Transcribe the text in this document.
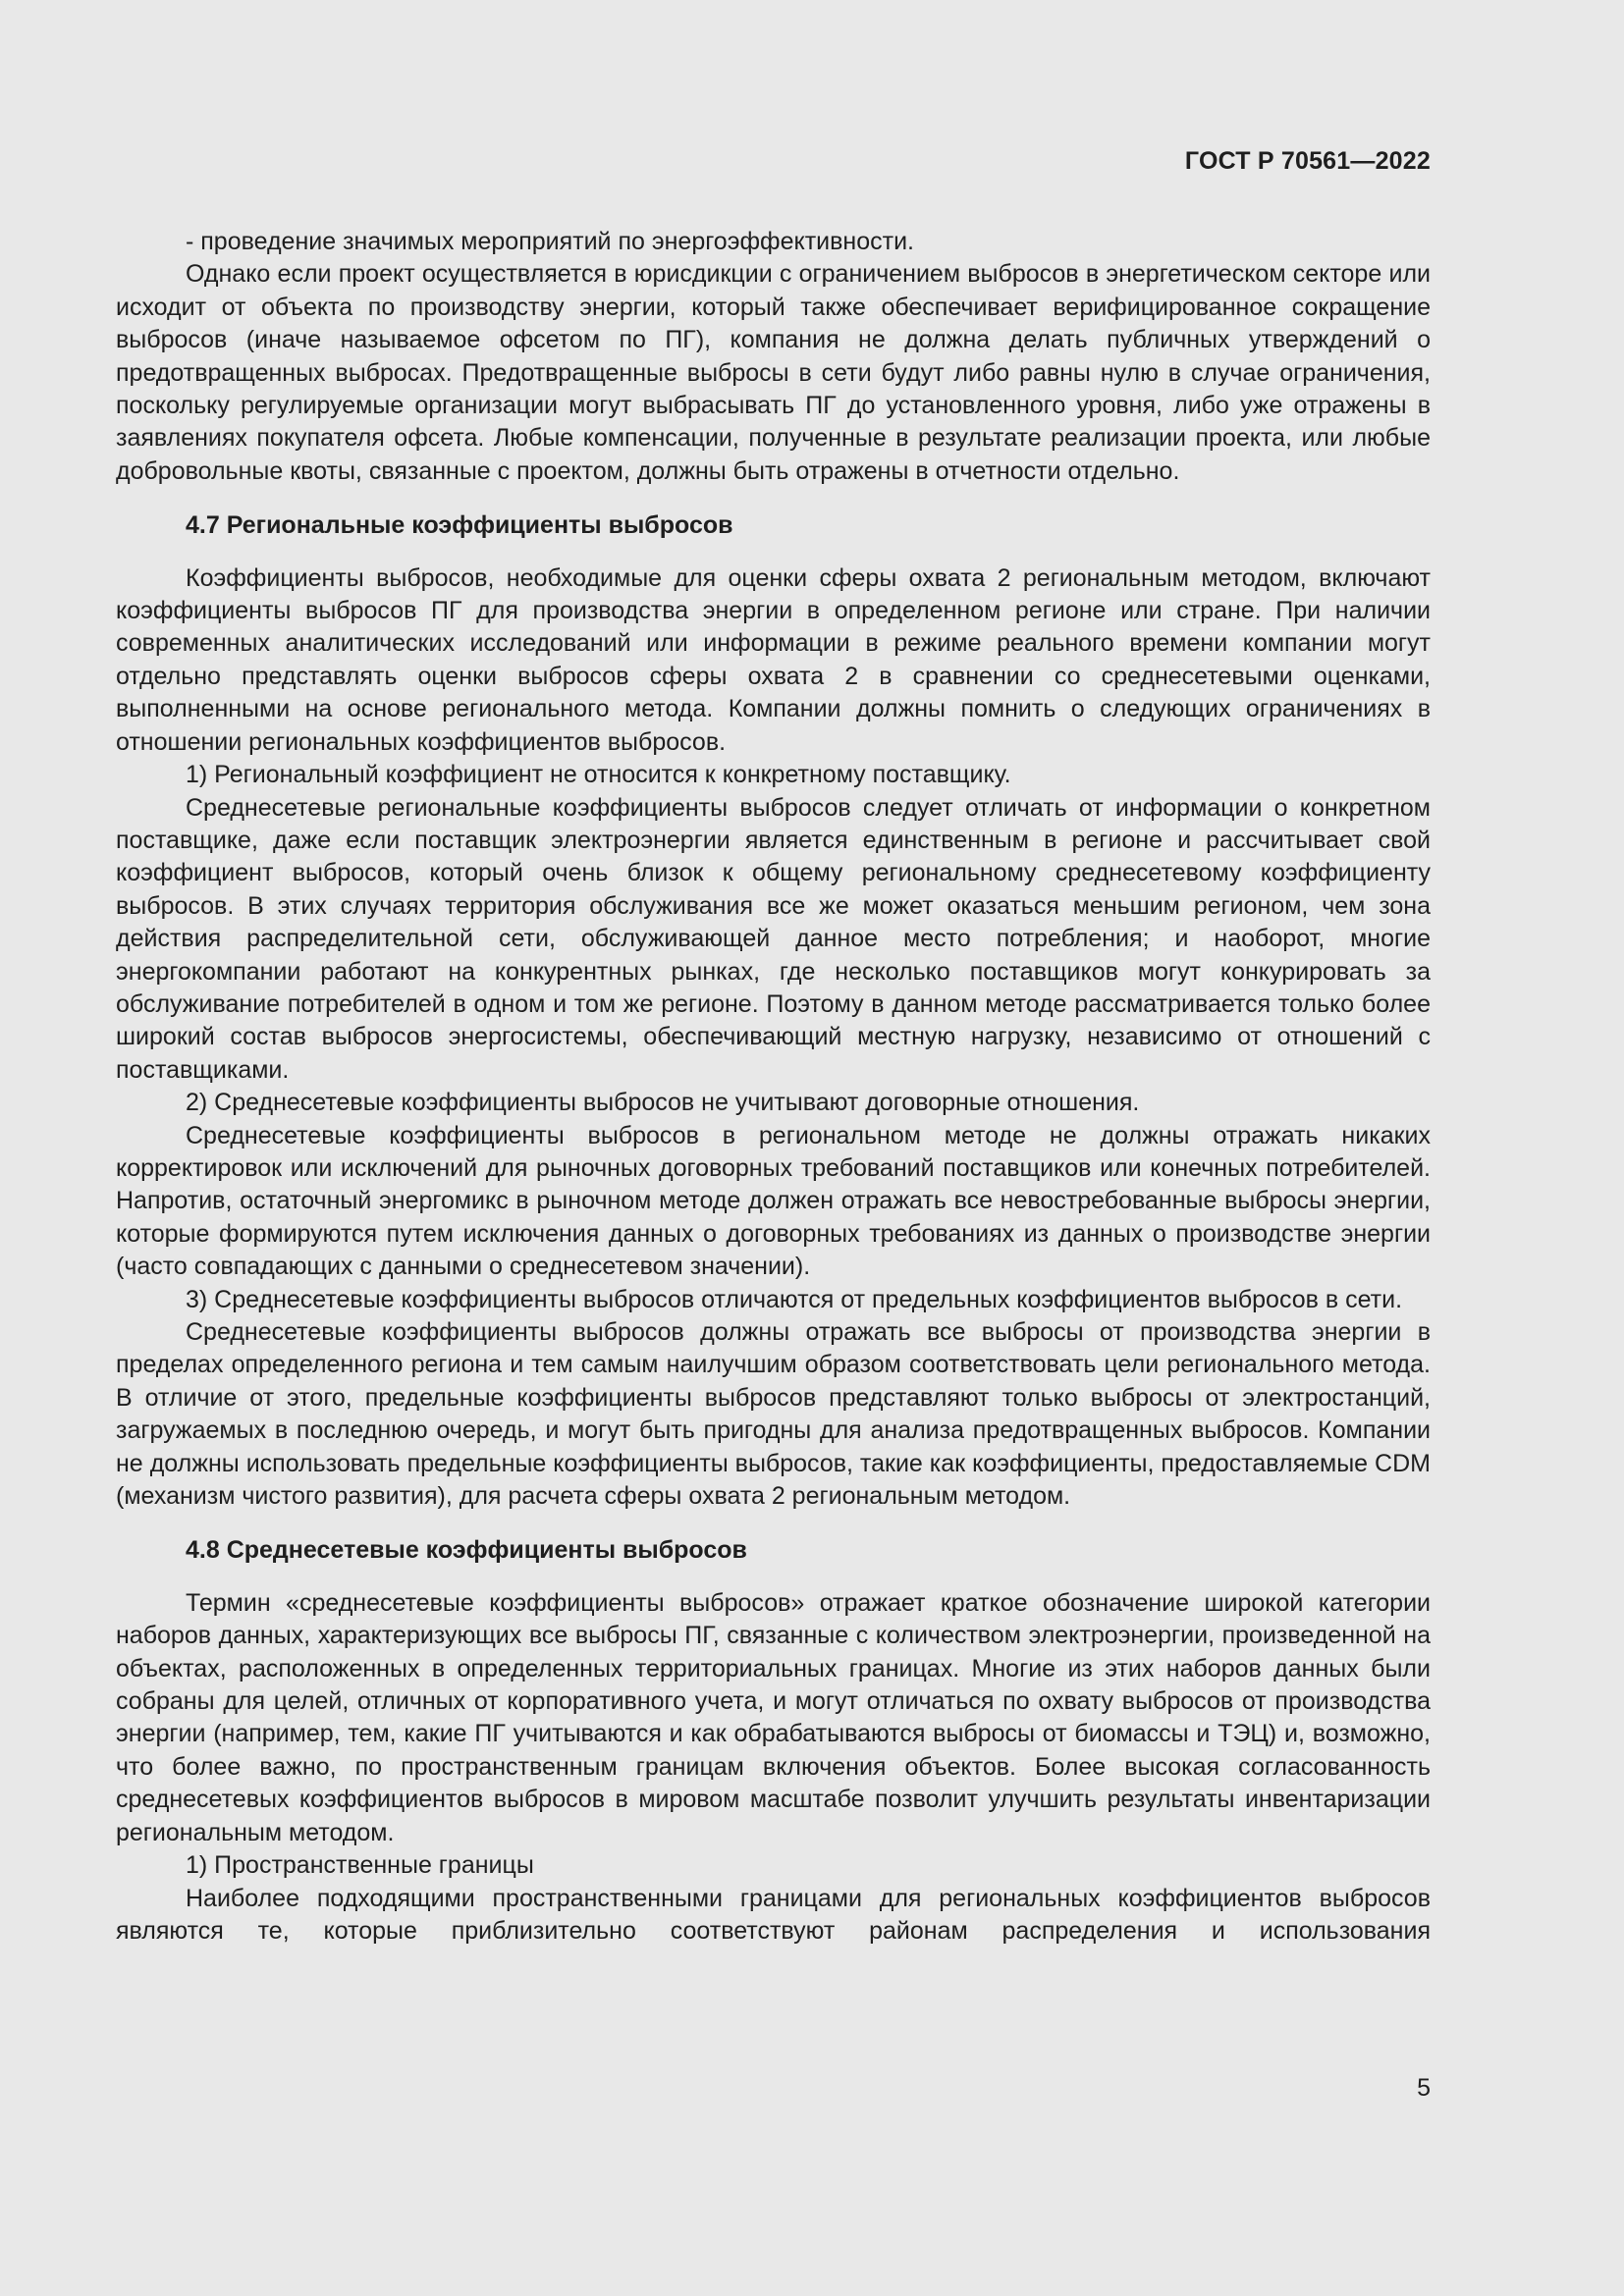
ГОСТ Р 70561—2022

- проведение значимых мероприятий по энергоэффективности.

Однако если проект осуществляется в юрисдикции с ограничением выбросов в энергетическом секторе или исходит от объекта по производству энергии, который также обеспечивает верифицированное сокращение выбросов (иначе называемое офсетом по ПГ), компания не должна делать публичных утверждений о предотвращенных выбросах. Предотвращенные выбросы в сети будут либо равны нулю в случае ограничения, поскольку регулируемые организации могут выбрасывать ПГ до установленного уровня, либо уже отражены в заявлениях покупателя офсета. Любые компенсации, полученные в результате реализации проекта, или любые добровольные квоты, связанные с проектом, должны быть отражены в отчетности отдельно.

4.7 Региональные коэффициенты выбросов

Коэффициенты выбросов, необходимые для оценки сферы охвата 2 региональным методом, включают коэффициенты выбросов ПГ для производства энергии в определенном регионе или стране. При наличии современных аналитических исследований или информации в режиме реального времени компании могут отдельно представлять оценки выбросов сферы охвата 2 в сравнении со среднесетевыми оценками, выполненными на основе регионального метода. Компании должны помнить о следующих ограничениях в отношении региональных коэффициентов выбросов.

1) Региональный коэффициент не относится к конкретному поставщику.

Среднесетевые региональные коэффициенты выбросов следует отличать от информации о конкретном поставщике, даже если поставщик электроэнергии является единственным в регионе и рассчитывает свой коэффициент выбросов, который очень близок к общему региональному среднесетевому коэффициенту выбросов. В этих случаях территория обслуживания все же может оказаться меньшим регионом, чем зона действия распределительной сети, обслуживающей данное место потребления; и наоборот, многие энергокомпании работают на конкурентных рынках, где несколько поставщиков могут конкурировать за обслуживание потребителей в одном и том же регионе. Поэтому в данном методе рассматривается только более широкий состав выбросов энергосистемы, обеспечивающий местную нагрузку, независимо от отношений с поставщиками.

2) Среднесетевые коэффициенты выбросов не учитывают договорные отношения.

Среднесетевые коэффициенты выбросов в региональном методе не должны отражать никаких корректировок или исключений для рыночных договорных требований поставщиков или конечных потребителей. Напротив, остаточный энергомикс в рыночном методе должен отражать все невостребованные выбросы энергии, которые формируются путем исключения данных о договорных требованиях из данных о производстве энергии (часто совпадающих с данными о среднесетевом значении).

3) Среднесетевые коэффициенты выбросов отличаются от предельных коэффициентов выбросов в сети.

Среднесетевые коэффициенты выбросов должны отражать все выбросы от производства энергии в пределах определенного региона и тем самым наилучшим образом соответствовать цели регионального метода. В отличие от этого, предельные коэффициенты выбросов представляют только выбросы от электростанций, загружаемых в последнюю очередь, и могут быть пригодны для анализа предотвращенных выбросов. Компании не должны использовать предельные коэффициенты выбросов, такие как коэффициенты, предоставляемые CDM (механизм чистого развития), для расчета сферы охвата 2 региональным методом.

4.8 Среднесетевые коэффициенты выбросов

Термин «среднесетевые коэффициенты выбросов» отражает краткое обозначение широкой категории наборов данных, характеризующих все выбросы ПГ, связанные с количеством электроэнергии, произведенной на объектах, расположенных в определенных территориальных границах. Многие из этих наборов данных были собраны для целей, отличных от корпоративного учета, и могут отличаться по охвату выбросов от производства энергии (например, тем, какие ПГ учитываются и как обрабатываются выбросы от биомассы и ТЭЦ) и, возможно, что более важно, по пространственным границам включения объектов. Более высокая согласованность среднесетевых коэффициентов выбросов в мировом масштабе позволит улучшить результаты инвентаризации региональным методом.

1) Пространственные границы

Наиболее подходящими пространственными границами для региональных коэффициентов выбросов являются те, которые приблизительно соответствуют районам распределения и использования

5
